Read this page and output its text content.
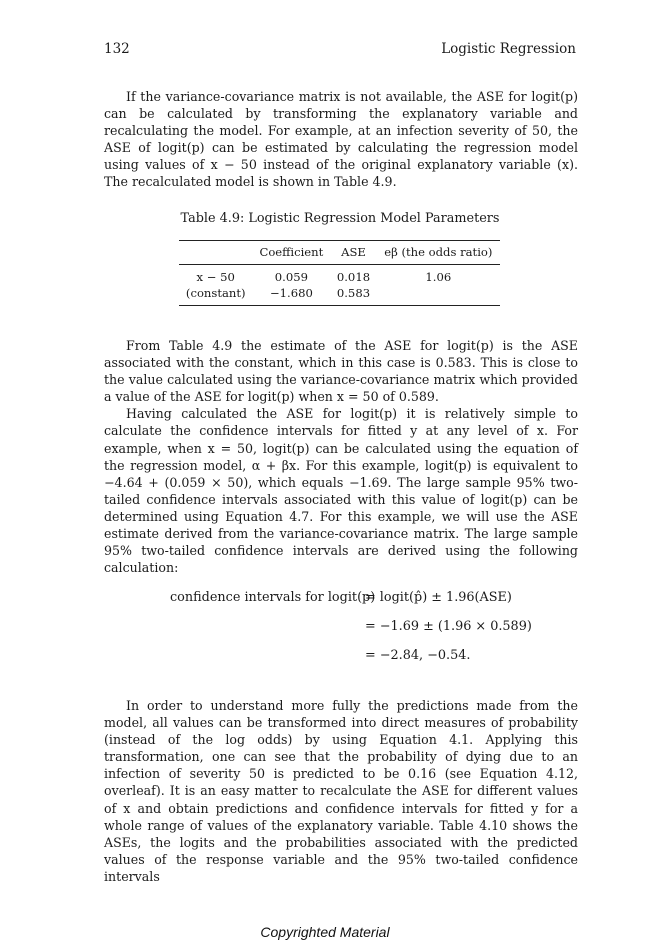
132	Logistic Regression

If the variance-covariance matrix is not available, the ASE for logit(p) can be calculated by transforming the explanatory variable and recalculating the model. For example, at an infection severity of 50, the ASE of logit(p) can be estimated by calculating the regression model using values of x − 50 instead of the original explanatory variable (x). The recalculated model is shown in Table 4.9.

Table 4.9: Logistic Regression Model Parameters
	Coefficient	ASE	eβ (the odds ratio)
x − 50	0.059	0.018	1.06
(constant)	−1.680	0.583	

From Table 4.9 the estimate of the ASE for logit(p) is the ASE associated with the constant, which in this case is 0.583. This is close to the value calculated using the variance-covariance matrix which provided a value of the ASE for logit(p) when x = 50 of 0.589.

Having calculated the ASE for logit(p) it is relatively simple to calculate the confidence intervals for fitted y at any level of x. For example, when x = 50, logit(p) can be calculated using the equation of the regression model, α + βx. For this example, logit(p) is equivalent to −4.64 + (0.059 × 50), which equals −1.69. The large sample 95% two-tailed confidence intervals associated with this value of logit(p) can be determined using Equation 4.7. For this example, we will use the ASE estimate derived from the variance-covariance matrix. The large sample 95% two-tailed confidence intervals are derived using the following calculation:

confidence intervals for logit(p)
= logit(p̂) ± 1.96(ASE)
= −1.69 ± (1.96 × 0.589)
= −2.84, −0.54.

In order to understand more fully the predictions made from the model, all values can be transformed into direct measures of probability (instead of the log odds) by using Equation 4.1. Applying this transformation, one can see that the probability of dying due to an infection of severity 50 is predicted to be 0.16 (see Equation 4.12, overleaf). It is an easy matter to recalculate the ASE for different values of x and obtain predictions and confidence intervals for fitted y for a whole range of values of the explanatory variable. Table 4.10 shows the ASEs, the logits and the probabilities associated with the predicted values of the response variable and the 95% two-tailed confidence intervals

Copyrighted Material
